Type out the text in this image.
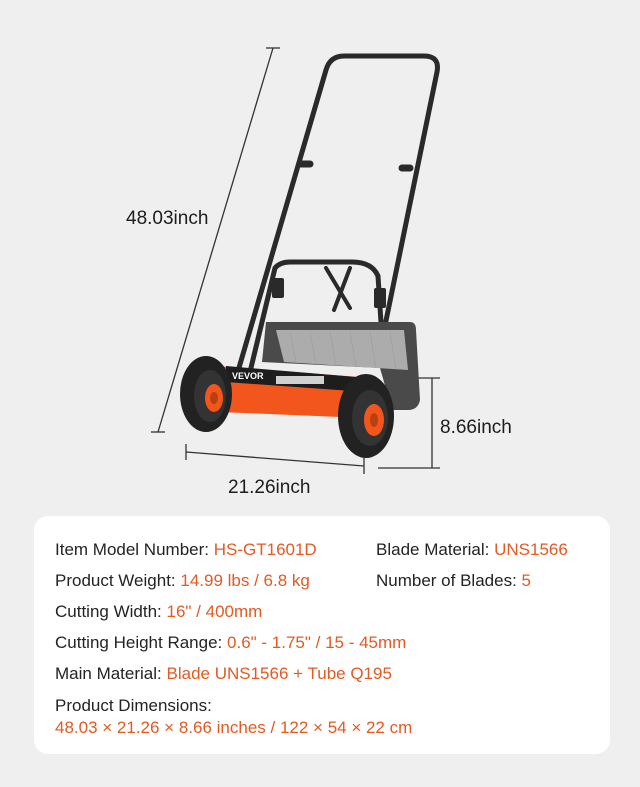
VEVOR
48.03inch
8.66inch
21.26inch
Item Model Number: HS-GT1601D	Blade Material: UNS1566
Product Weight: 14.99 lbs / 6.8 kg	Number of Blades: 5
Cutting Width: 16" / 400mm
Cutting Height Range: 0.6" - 1.75" / 15 - 45mm
Main Material: Blade UNS1566 + Tube Q195
Product Dimensions:
48.03 × 21.26 × 8.66 inches / 122 × 54 × 22 cm
